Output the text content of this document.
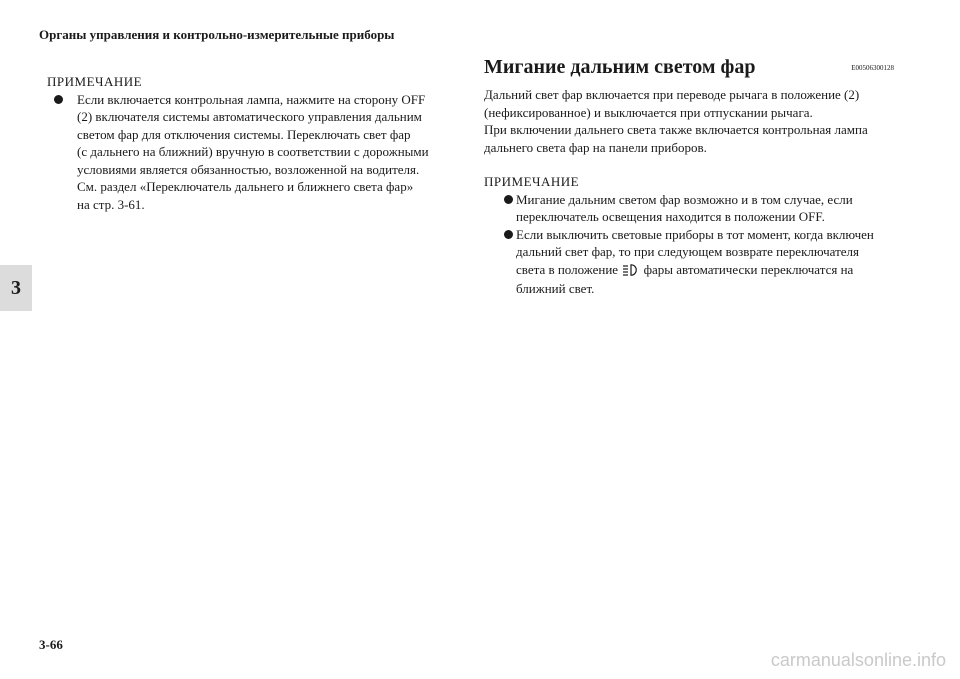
Органы управления и контрольно-измерительные приборы
3
ПРИМЕЧАНИЕ
Если включается контрольная лампа, нажмите на сторону OFF
(2) включателя системы автоматического управления дальним
светом фар для отключения системы. Переключать свет фар
(с дальнего на ближний) вручную в соответствии с дорожными
условиями является обязанностью, возложенной на водителя.
См. раздел «Переключатель дальнего и ближнего света фар»
на стр. 3-61.
Мигание дальним светом фар	E00506300128
Дальний свет фар включается при переводе рычага в положение (2)
(нефиксированное) и выключается при отпускании рычага.
При включении дальнего света также включается контрольная лампа
дальнего света фар на панели приборов.
ПРИМЕЧАНИЕ
Мигание дальним светом фар возможно и в том случае, если
переключатель освещения находится в положении OFF.
Если выключить световые приборы в тот момент, когда включен
дальний свет фар, то при следующем возврате переключателя
света в положение фары автоматически переключатся на
ближний свет.
3-66
carmanualsonline.info
